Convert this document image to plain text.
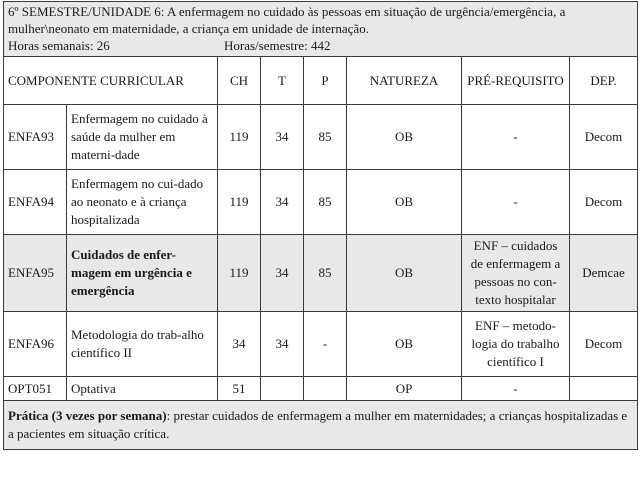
6º SEMESTRE/UNIDADE 6: A enfermagem no cuidado às pessoas em situação de urgência/emergência, a mulher\neonato em maternidade, a criança em unidade de internação.
Horas semanais: 26 Horas/semestre: 442							

COMPONENTE CURRICULAR		CH	T	P	NATUREZA	PRÉ-REQUISITO	DEP.
ENFA93	Enfermagem no cuidado à saúde da mulher em materni-dade	119	34	85	OB	-	Decom
ENFA94	Enfermagem no cui-dado ao neonato e à criança hospitalizada	119	34	85	OB	-	Decom
ENFA95	Cuidados de enfer-magem em urgência e emergência	119	34	85	OB	ENF – cuidados de enfermagem a pessoas no con-texto hospitalar	Demcae
ENFA96	Metodologia do trab-alho científico II	34	34	-	OB	ENF – metodo-logia do trabalho científico I	Decom
OPT051	Optativa	51			OP	-	
Prática (3 vezes por semana): prestar cuidados de enfermagem a mulher em maternidades; a crianças hospitalizadas e a pacientes em situação crítica.							
